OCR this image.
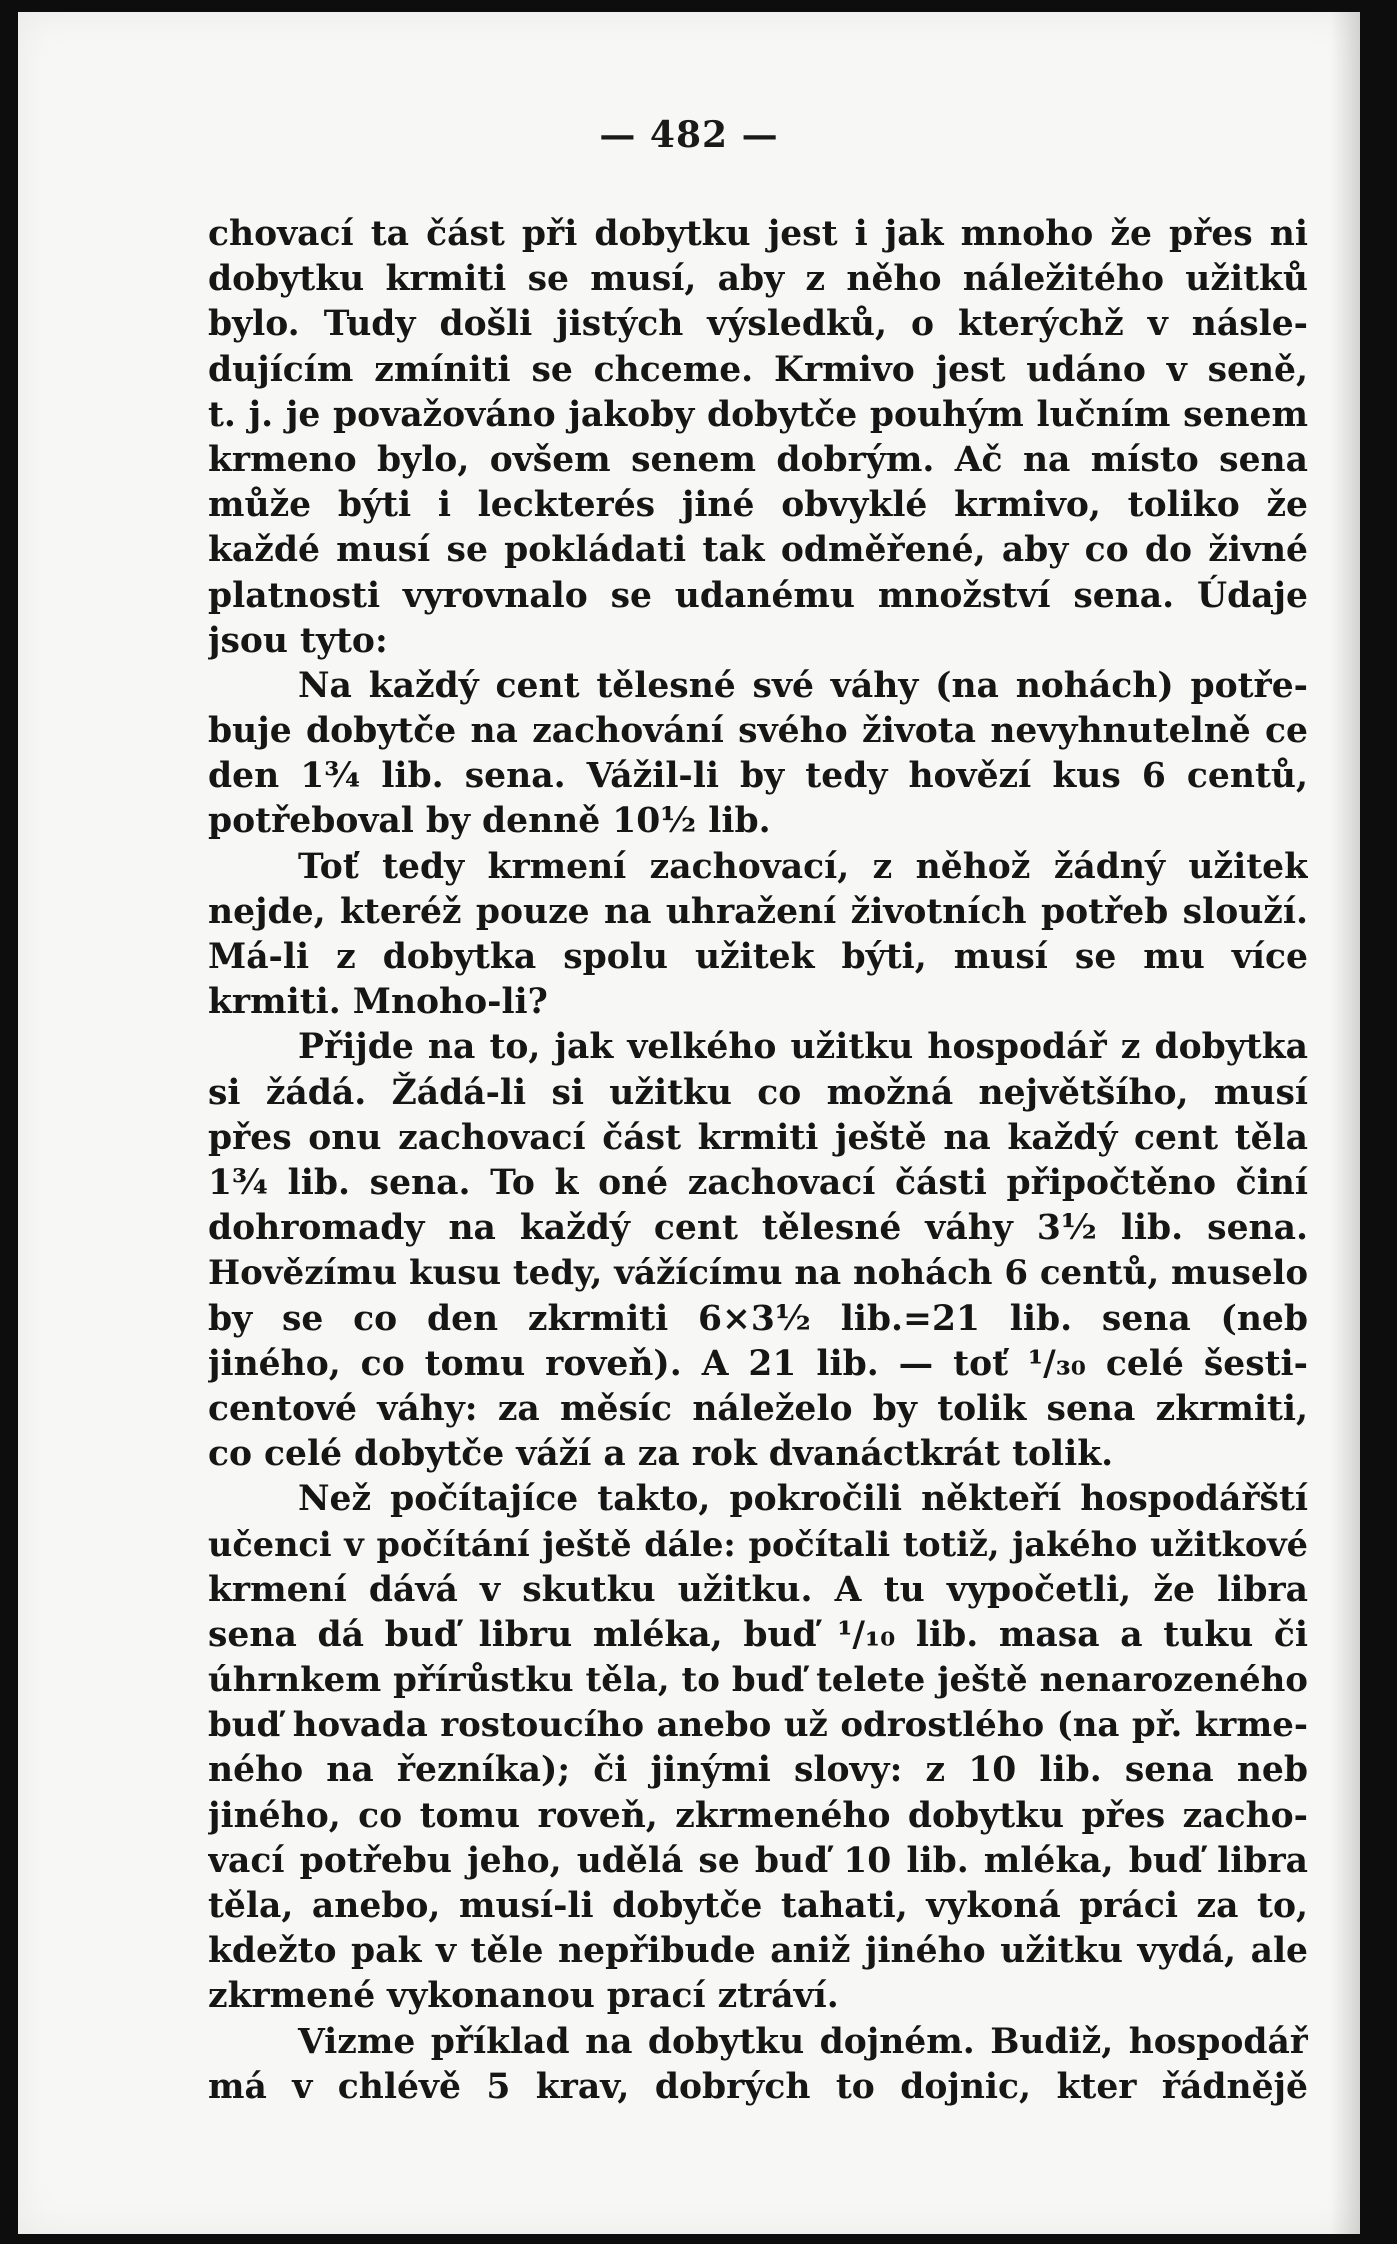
— 482 —
chovací ta část při dobytku jest i jak mnoho že přes ni
dobytku krmiti se musí, aby z něho náležitého užitků
bylo. Tudy došli jistých výsledků, o kterýchž v násle-
dujícím zmíniti se chceme. Krmivo jest udáno v seně,
t. j. je považováno jakoby dobytče pouhým lučním senem
krmeno bylo, ovšem senem dobrým. Ač na místo sena
může býti i leckterés jiné obvyklé krmivo, toliko že
každé musí se pokládati tak odměřené, aby co do živné
platnosti vyrovnalo se udanému množství sena. Údaje
jsou tyto:
Na každý cent tělesné své váhy (na nohách) potře-
buje dobytče na zachování svého života nevyhnutelně ce
den 1¾ lib. sena. Vážil-li by tedy hovězí kus 6 centů,
potřeboval by denně 10½ lib.
Toť tedy krmení zachovací, z něhož žádný užitek
nejde, kteréž pouze na uhražení životních potřeb slouží.
Má-li z dobytka spolu užitek býti, musí se mu více
krmiti. Mnoho-li?
Přijde na to, jak velkého užitku hospodář z dobytka
si žádá. Žádá-li si užitku co možná největšího, musí
přes onu zachovací část krmiti ještě na každý cent těla
1¾ lib. sena. To k oné zachovací části připočtěno činí
dohromady na každý cent tělesné váhy 3½ lib. sena.
Hovězímu kusu tedy, vážícímu na nohách 6 centů, muselo
by se co den zkrmiti 6×3½ lib.=21 lib. sena (neb
jiného, co tomu roveň). A 21 lib. — toť ¹/₃₀ celé šesti-
centové váhy: za měsíc náleželo by tolik sena zkrmiti,
co celé dobytče váží a za rok dvanáctkrát tolik.
Než počítajíce takto, pokročili někteří hospodářští
učenci v počítání ještě dále: počítali totiž, jakého užitkové
krmení dává v skutku užitku. A tu vypočetli, že libra
sena dá buď libru mléka, buď ¹/₁₀ lib. masa a tuku či
úhrnkem přírůstku těla, to buď telete ještě nenarozeného
buď hovada rostoucího anebo už odrostlého (na př. krme-
ného na řezníka); či jinými slovy: z 10 lib. sena neb
jiného, co tomu roveň, zkrmeného dobytku přes zacho-
vací potřebu jeho, udělá se buď 10 lib. mléka, buď libra
těla, anebo, musí-li dobytče tahati, vykoná práci za to,
kdežto pak v těle nepřibude aniž jiného užitku vydá, ale
zkrmené vykonanou prací ztráví.
Vizme příklad na dobytku dojném. Budiž, hospodář
má v chlévě 5 krav, dobrých to dojnic, kter řádnějě
